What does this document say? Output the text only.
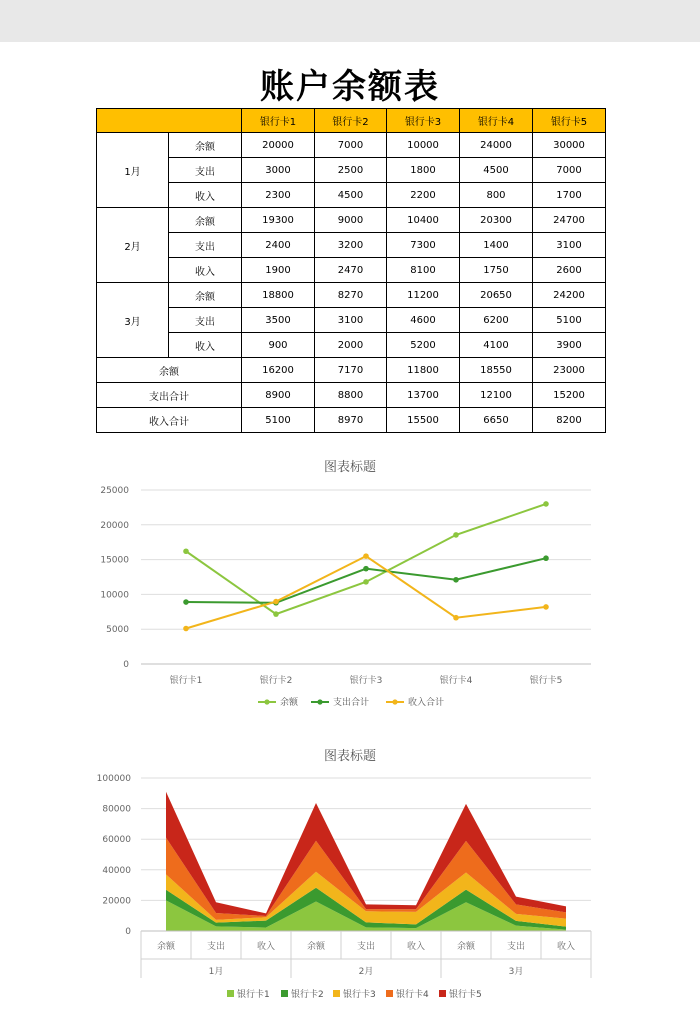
账户余额表
		银行卡1	银行卡2	银行卡3	银行卡4	银行卡5
1月	余额	20000	7000	10000	24000	30000
	支出	3000	2500	1800	4500	7000
	收入	2300	4500	2200	800	1700
2月	余额	19300	9000	10400	20300	24700
	支出	2400	3200	7300	1400	3100
	收入	1900	2470	8100	1750	2600
3月	余额	18800	8270	11200	20650	24200
	支出	3500	3100	4600	6200	5100
	收入	900	2000	5200	4100	3900
余额		16200	7170	11800	18550	23000
支出合计		8900	8800	13700	12100	15200
收入合计		5100	8970	15500	6650	8200
图表标题
0
5000
10000
15000
20000
25000
银行卡1	银行卡2	银行卡3	银行卡4	银行卡5
余额	支出合计	收入合计
图表标题
0
20000
40000
60000
80000
100000
余额	支出	收入	余额	支出	收入	余额	支出	收入
1月	2月	3月
银行卡1 银行卡2 银行卡3 银行卡4 银行卡5
